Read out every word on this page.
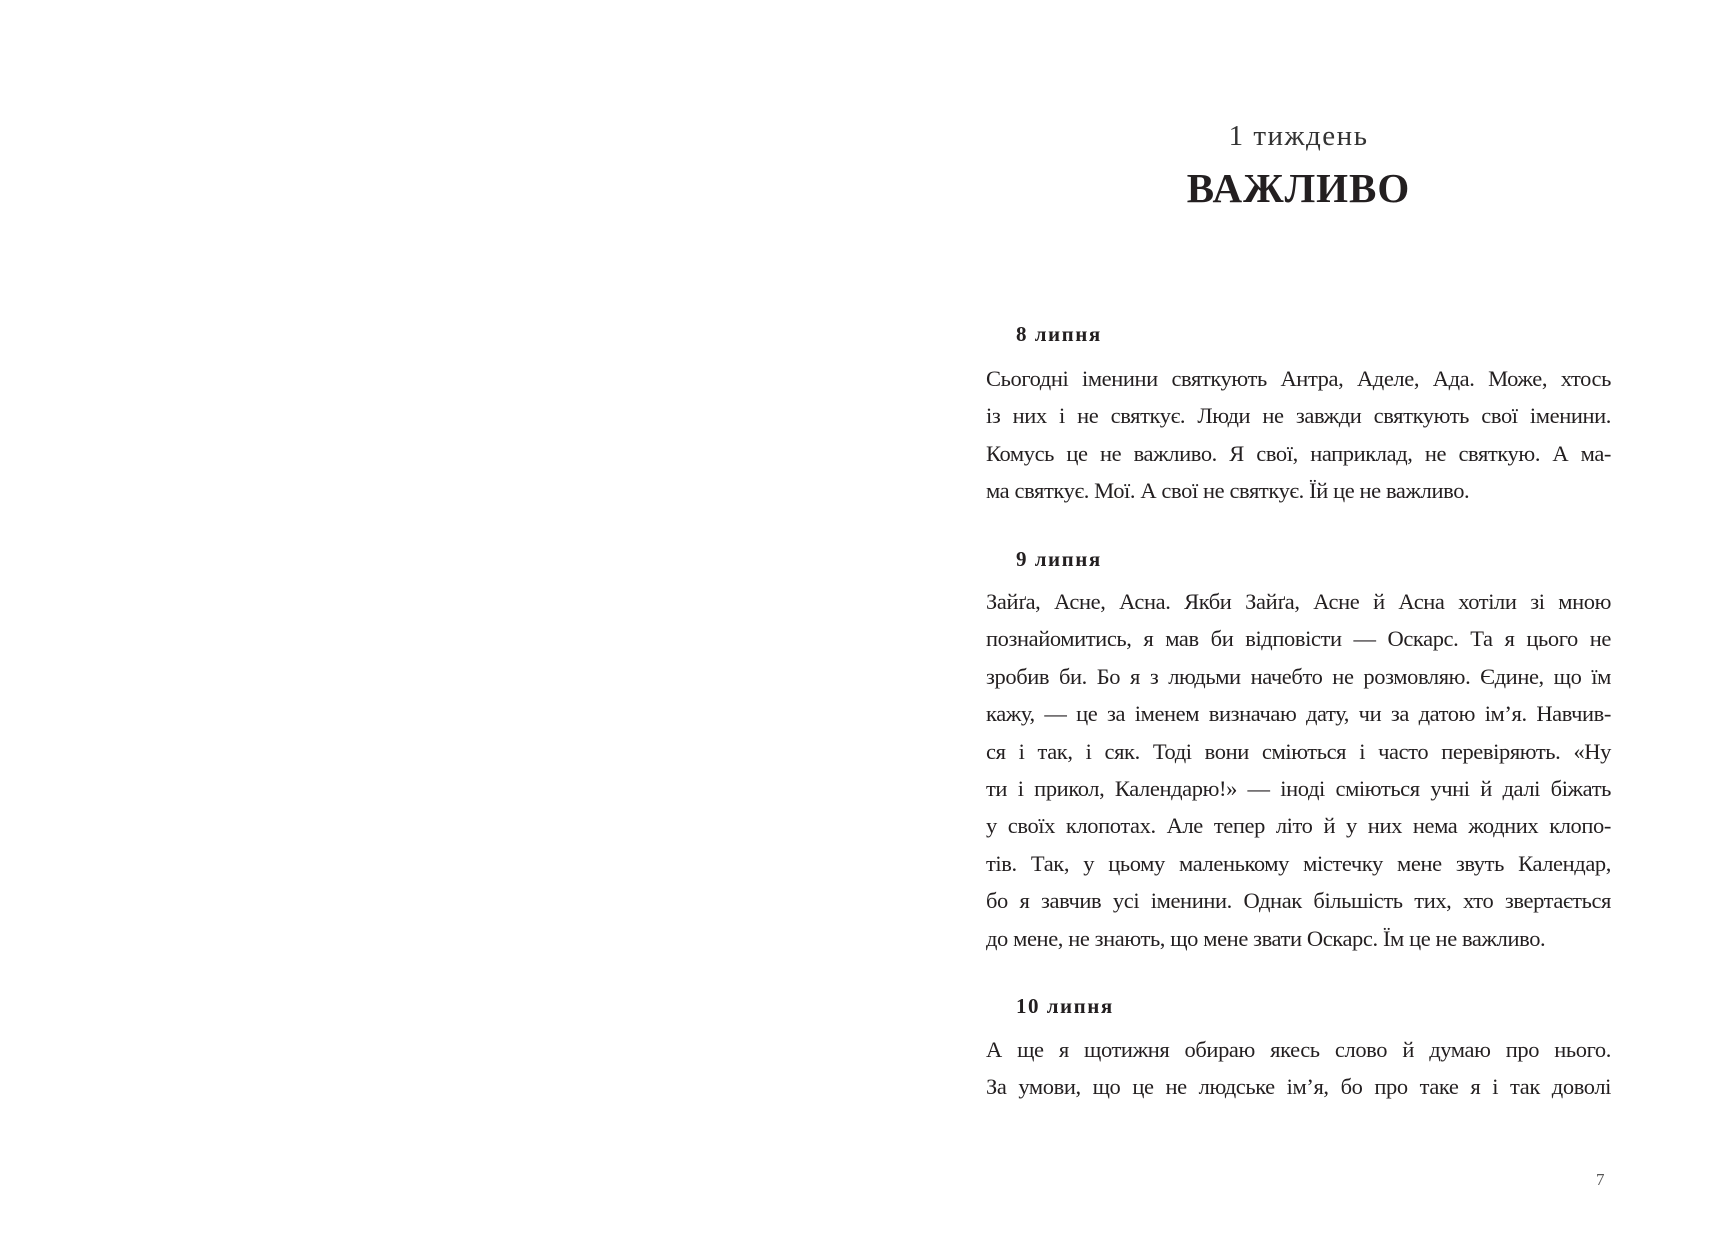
1 тиждень
ВАЖЛИВО
8 липня
Сьогодні іменини святкують Антра, Аделе, Ада. Може, хтось
із них і не святкує. Люди не завжди святкують свої іменини.
Комусь це не важливо. Я свої, наприклад, не святкую. А ма-
ма святкує. Мої. А свої не святкує. Їй це не важливо.
9 липня
Зайґа, Асне, Асна. Якби Зайґа, Асне й Асна хотіли зі мною
познайомитись, я мав би відповісти — Оскарс. Та я цього не
зробив би. Бо я з людьми начебто не розмовляю. Єдине, що їм
кажу, — це за іменем визначаю дату, чи за датою ім’я. Навчив-
ся і так, і сяк. Тоді вони сміються і часто перевіряють. «Ну
ти і прикол, Календарю!» — іноді сміються учні й далі біжать
у своїх клопотах. Але тепер літо й у них нема жодних клопо-
тів. Так, у цьому маленькому містечку мене звуть Календар,
бо я завчив усі іменини. Однак більшість тих, хто звертається
до мене, не знають, що мене звати Оскарс. Їм це не важливо.
10 липня
А ще я щотижня обираю якесь слово й думаю про нього.
За умови, що це не людське ім’я, бо про таке я і так доволі
7
